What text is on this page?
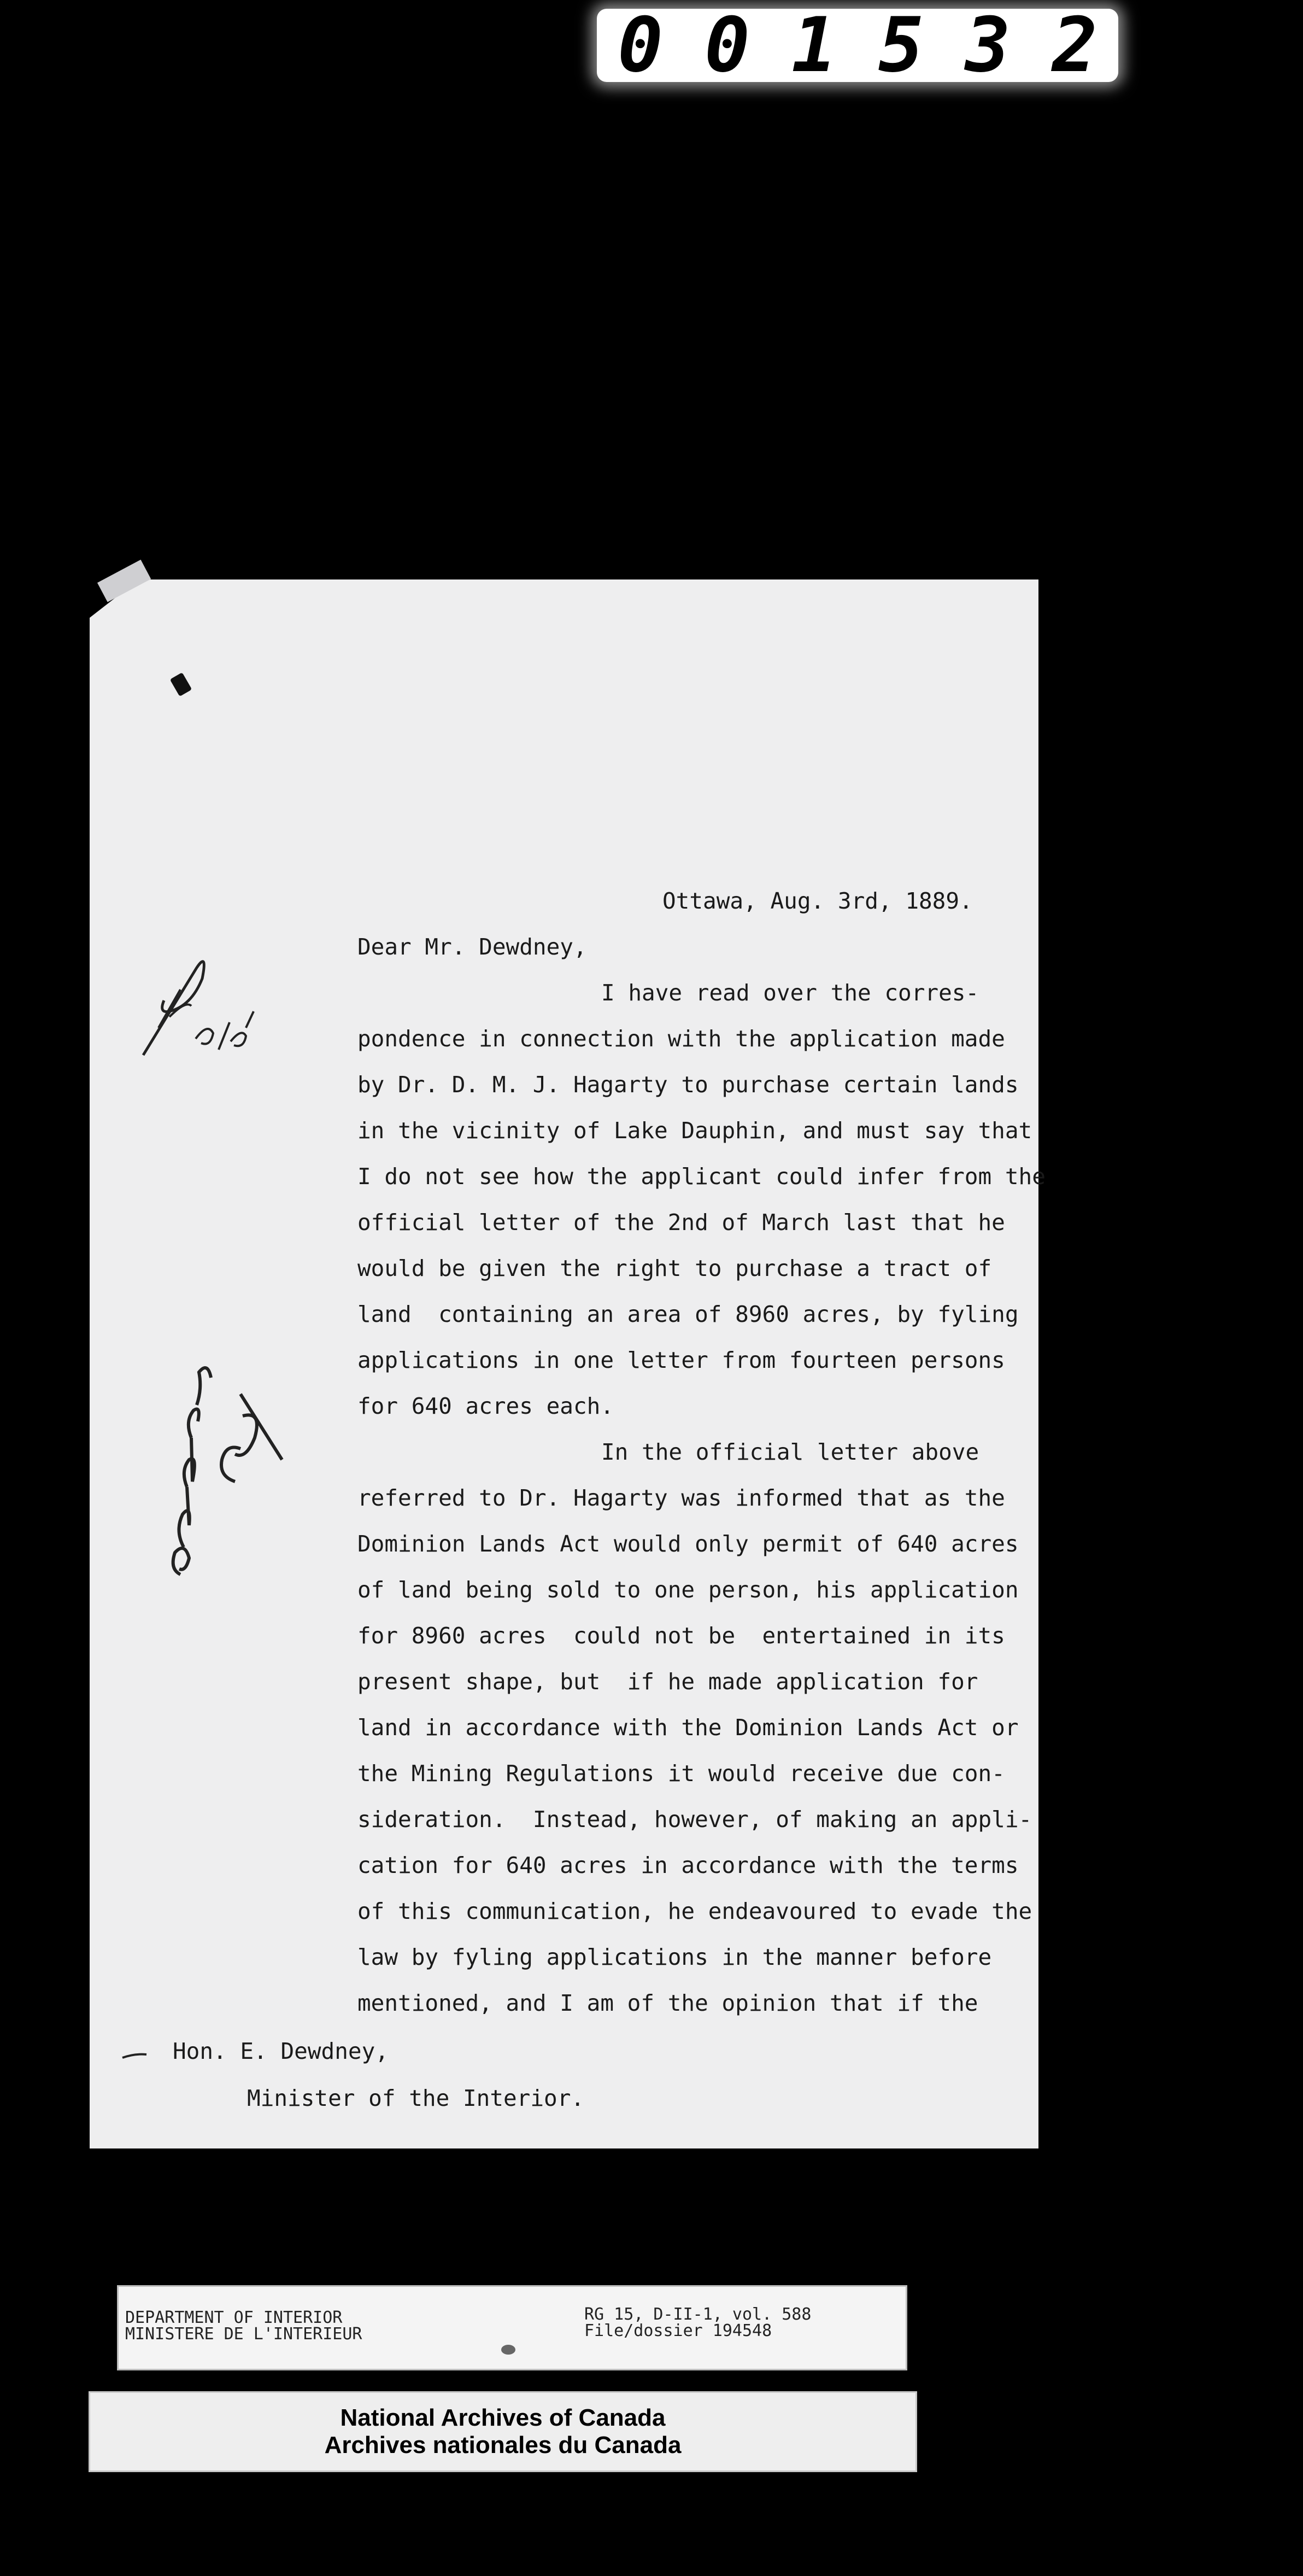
0 0 1 5 3 2
Ottawa, Aug. 3rd, 1889.
Dear Mr. Dewdney,
I have read over the corres-
pondence in connection with the application made
by Dr. D. M. J. Hagarty to purchase certain lands
in the vicinity of Lake Dauphin, and must say that
I do not see how the applicant could infer from the
official letter of the 2nd of March last that he
would be given the right to purchase a tract of
land  containing an area of 8960 acres, by fyling
applications in one letter from fourteen persons
for 640 acres each.
In the official letter above
referred to Dr. Hagarty was informed that as the
Dominion Lands Act would only permit of 640 acres
of land being sold to one person, his application
for 8960 acres  could not be  entertained in its
present shape, but  if he made application for
land in accordance with the Dominion Lands Act or
the Mining Regulations it would receive due con-
sideration.  Instead, however, of making an appli-
cation for 640 acres in accordance with the terms
of this communication, he endeavoured to evade the
law by fyling applications in the manner before
mentioned, and I am of the opinion that if the
Hon. E. Dewdney,
Minister of the Interior.
DEPARTMENT OF INTERIOR
MINISTERE DE L'INTERIEUR
RG 15, D-II-1, vol. 588
File/dossier 194548
National Archives of Canada
Archives nationales du Canada
